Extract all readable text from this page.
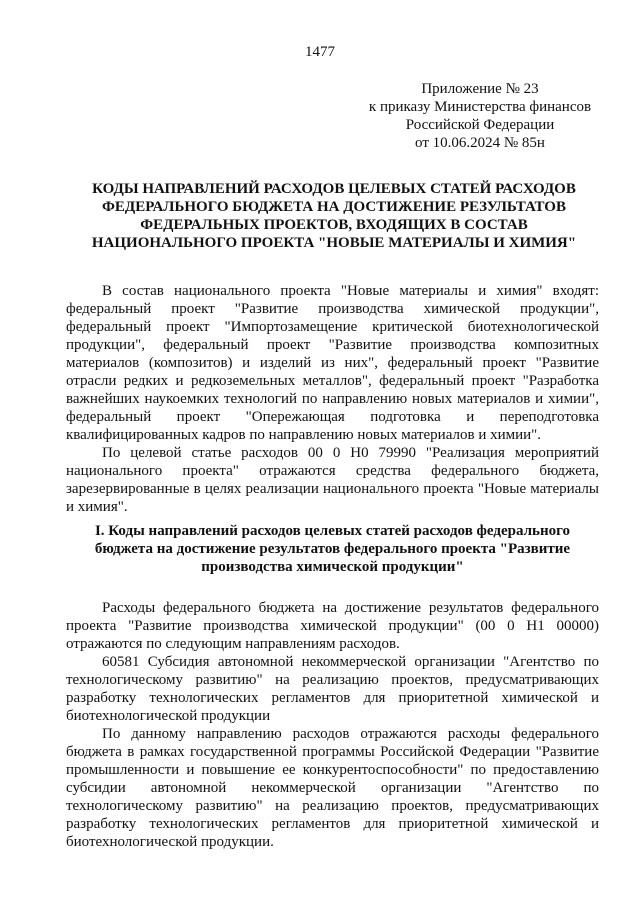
1477
Приложение № 23
к приказу Министерства финансов
Российской Федерации
от 10.06.2024 № 85н
КОДЫ НАПРАВЛЕНИЙ РАСХОДОВ ЦЕЛЕВЫХ СТАТЕЙ РАСХОДОВ
ФЕДЕРАЛЬНОГО БЮДЖЕТА НА ДОСТИЖЕНИЕ РЕЗУЛЬТАТОВ
ФЕДЕРАЛЬНЫХ ПРОЕКТОВ, ВХОДЯЩИХ В СОСТАВ
НАЦИОНАЛЬНОГО ПРОЕКТА "НОВЫЕ МАТЕРИАЛЫ И ХИМИЯ"

В состав национального проекта "Новые материалы и химия" входят: федеральный проект "Развитие производства химической продукции", федеральный проект "Импортозамещение критической биотехнологической продукции", федеральный проект "Развитие производства композитных материалов (композитов) и изделий из них", федеральный проект "Развитие отрасли редких и редкоземельных металлов", федеральный проект "Разработка важнейших наукоемких технологий по направлению новых материалов и химии", федеральный проект "Опережающая подготовка и переподготовка квалифицированных кадров по направлению новых материалов и химии".

По целевой статье расходов 00 0 Н0 79990 "Реализация мероприятий национального проекта" отражаются средства федерального бюджета, зарезервированные в целях реализации национального проекта "Новые материалы и химия".

I. Коды направлений расходов целевых статей расходов федерального
бюджета на достижение результатов федерального проекта "Развитие
производства химической продукции"

Расходы федерального бюджета на достижение результатов федерального проекта "Развитие производства химической продукции" (00 0 Н1 00000) отражаются по следующим направлениям расходов.

60581 Субсидия автономной некоммерческой организации "Агентство по технологическому развитию" на реализацию проектов, предусматривающих разработку технологических регламентов для приоритетной химической и биотехнологической продукции

По данному направлению расходов отражаются расходы федерального бюджета в рамках государственной программы Российской Федерации "Развитие промышленности и повышение ее конкурентоспособности" по предоставлению субсидии автономной некоммерческой организации "Агентство по технологическому развитию" на реализацию проектов, предусматривающих разработку технологических регламентов для приоритетной химической и биотехнологической продукции.
